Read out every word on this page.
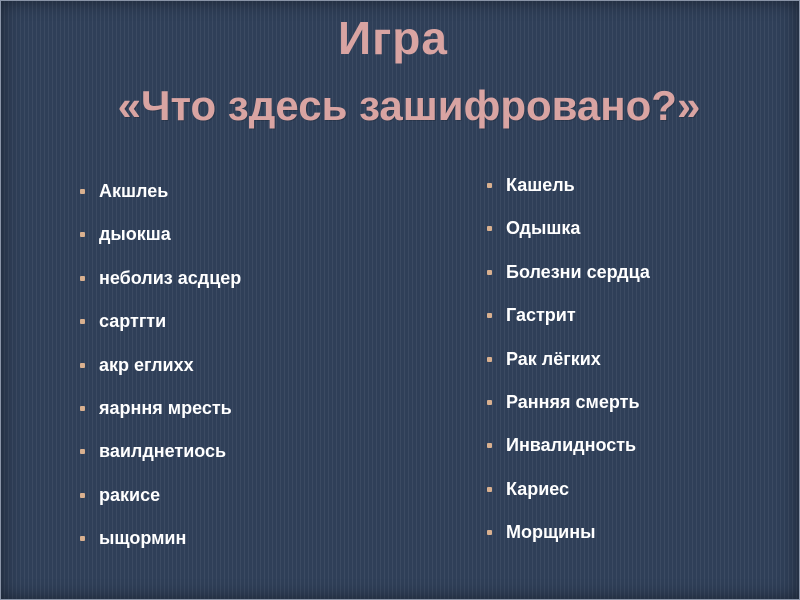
Игра
«Что здесь зашифровано?»
Акшлеь
дыокша
неболиз асдцер
сартгти
акр еглихх
яарння мресть
ваилднетиось
ракисе
ыщормин
Кашель
Одышка
Болезни сердца
Гастрит
Рак лёгких
Ранняя смерть
Инвалидность
Кариес
Морщины
